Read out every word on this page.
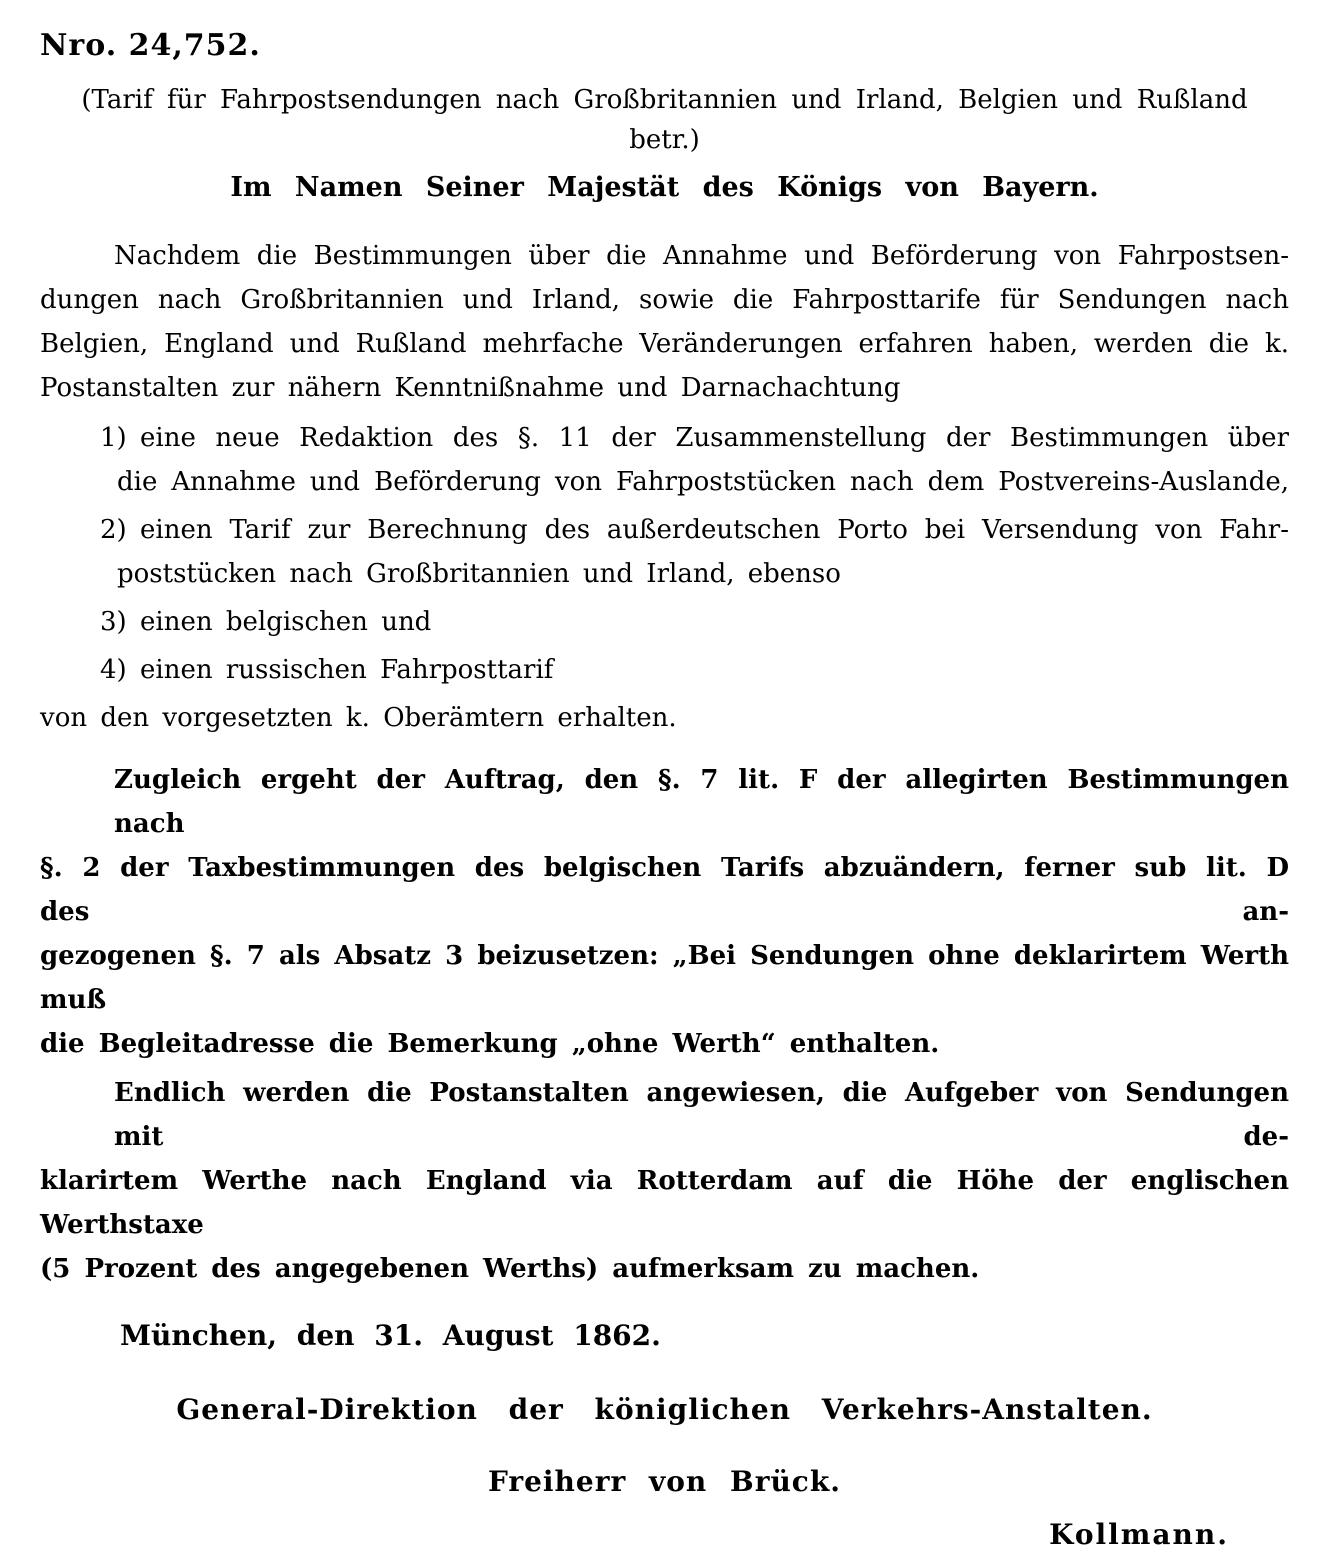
Nro. 24,752.
(Tarif für Fahrpostsendungen nach Großbritannien und Irland, Belgien und Rußland betr.)
Im Namen Seiner Majestät des Königs von Bayern.
Nachdem die Bestimmungen über die Annahme und Beförderung von Fahrpostsen-
dungen nach Großbritannien und Irland, sowie die Fahrposttarife für Sendungen nach
Belgien, England und Rußland mehrfache Veränderungen erfahren haben, werden die k.
Postanstalten zur nähern Kenntnißnahme und Darnachachtung
1) eine neue Redaktion des §. 11 der Zusammenstellung der Bestimmungen über
die Annahme und Beförderung von Fahrpoststücken nach dem Postvereins-Auslande,
2) einen Tarif zur Berechnung des außerdeutschen Porto bei Versendung von Fahr-
poststücken nach Großbritannien und Irland, ebenso
3) einen belgischen und
4) einen russischen Fahrposttarif
von den vorgesetzten k. Oberämtern erhalten.
Zugleich ergeht der Auftrag, den §. 7 lit. F der allegirten Bestimmungen nach
§. 2 der Taxbestimmungen des belgischen Tarifs abzuändern, ferner sub lit. D des an-
gezogenen §. 7 als Absatz 3 beizusetzen: „Bei Sendungen ohne deklarirtem Werth muß
die Begleitadresse die Bemerkung „ohne Werth“ enthalten.
Endlich werden die Postanstalten angewiesen, die Aufgeber von Sendungen mit de-
klarirtem Werthe nach England via Rotterdam auf die Höhe der englischen Werthstaxe
(5 Prozent des angegebenen Werths) aufmerksam zu machen.
München, den 31. August 1862.
General-Direktion der königlichen Verkehrs-Anstalten.
Freiherr von Brück.
Kollmann.
